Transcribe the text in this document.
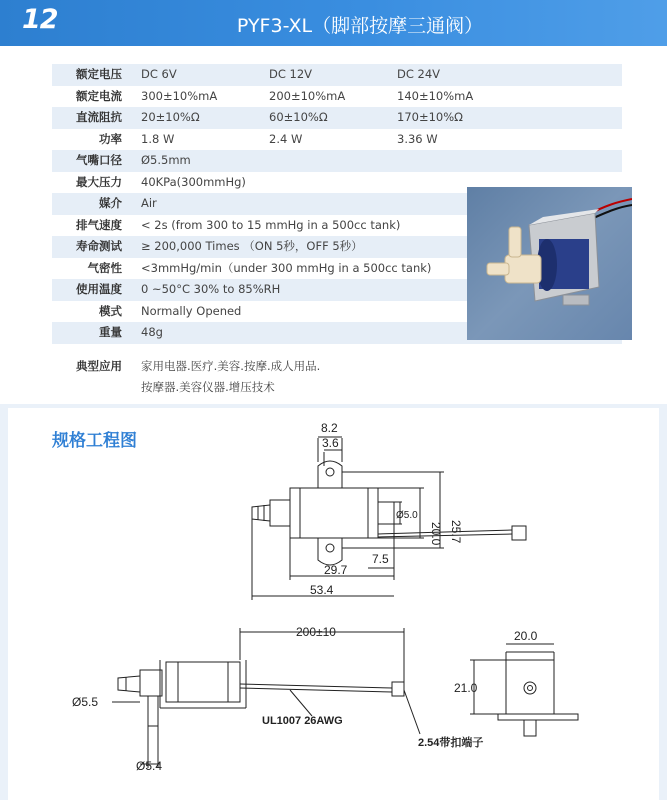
12	PYF3-XL（脚部按摩三通阀）
额定电压 DC 6V	DC 12V	DC 24V
额定电流 300±10%mA	200±10%mA	140±10%mA
直流阻抗 20±10%Ω	60±10%Ω	170±10%Ω
功率 1.8 W	2.4 W	3.36 W
气嘴口径 Ø5.5mm
最大压力 40KPa(300mmHg)
媒介 Air
排气速度 < 2s (from 300 to 15 mmHg in a 500cc tank)
寿命测试 ≥ 200,000 Times （ON 5秒，OFF 5秒）
气密性 <3mmHg/min（under 300 mmHg in a 500cc tank)
使用温度 0 ~50°C 30% to 85%RH
模式 Normally Opened
重量 48g
典型应用 家用电器.医疗.美容.按摩.成人用品.
按摩器.美容仪器.增压技术
规格工程图
8.2
3.6
Ø5.0
20.0 25.7
7.5
29.7
53.4
200±10
Ø5.5
Ø5.4
UL1007 26AWG
2.54带扣端子
20.0
21.0
